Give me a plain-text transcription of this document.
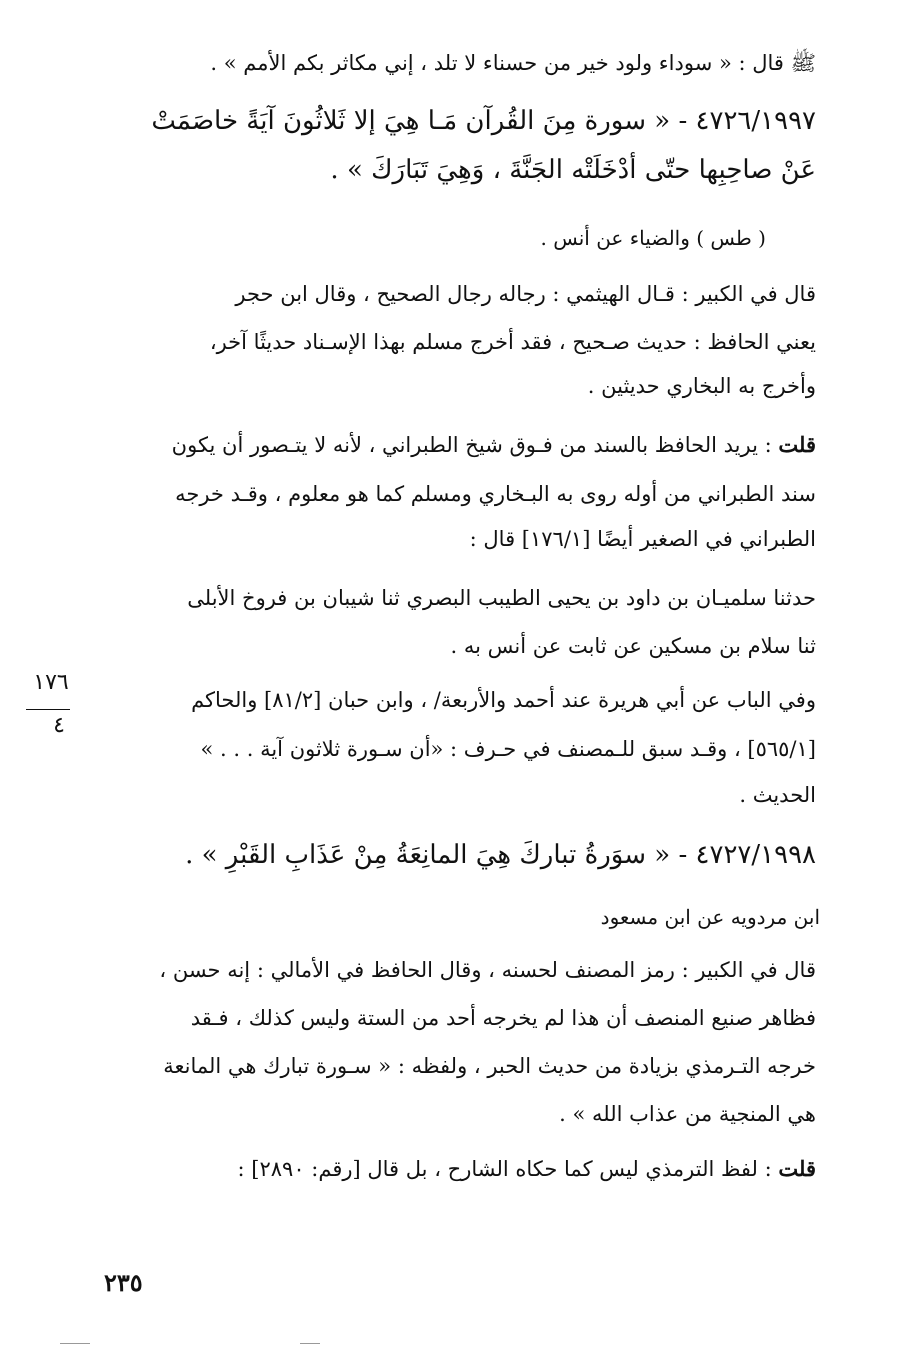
ﷺ قال : « سوداء ولود خير من حسناء لا تلد ، إني مكاثر بكم الأمم » .
٤٧٢٦/١٩٩٧ - « سورة مِنَ القُرآن مَـا هِيَ إلا ثَلاثُونَ آيَةً خاصَمَتْ
عَنْ صاحِبِها حتّى أدْخَلَتْه الجَنَّةَ ، وَهِيَ تَبَارَكَ » .
( طس ) والضياء عن أنس .
قال في الكبير : قـال الهيثمي : رجاله رجال الصحيح ، وقال ابن حجر
يعني الحافظ : حديث صـحيح ، فقد أخرج مسلم بهذا الإسـناد حديثًا آخر،
وأخرج به البخاري حديثين .
قلت : يريد الحافظ بالسند من فـوق شيخ الطبراني ، لأنه لا يتـصور أن يكون
سند الطبراني من أوله روى به البـخاري ومسلم كما هو معلوم ، وقـد خرجه
الطبراني في الصغير أيضًا [١٧٦/١] قال :
حدثنا سلميـان بن داود بن يحيى الطيبب البصري ثنا شيبان بن فروخ الأبلى
ثنا سلام بن مسكين عن ثابت عن أنس به .
وفي الباب عن أبي هريرة عند أحمد والأربعة/ ، وابن حبان [٨١/٢] والحاكم
[٥٦٥/١] ، وقـد سبق للـمصنف في حـرف : «أن سـورة ثلاثون آية . . . »
الحديث .
٤٧٢٧/١٩٩٨ - « سوَرةُ تباركَ هِيَ المانِعَةُ مِنْ عَذَابِ القَبْرِ » .
ابن مردويه عن ابن مسعود
قال في الكبير : رمز المصنف لحسنه ، وقال الحافظ في الأمالي : إنه حسن ،
فظاهر صنيع المنصف أن هذا لم يخرجه أحد من الستة وليس كذلك ، فـقد
خرجه التـرمذي بزيادة من حديث الحبر ، ولفظه : « سـورة تبارك هي المانعة
هي المنجية من عذاب الله » .
قلت : لفظ الترمذي ليس كما حكاه الشارح ، بل قال [رقم: ٢٨٩٠] :
١٧٦
٤
٢٣٥
